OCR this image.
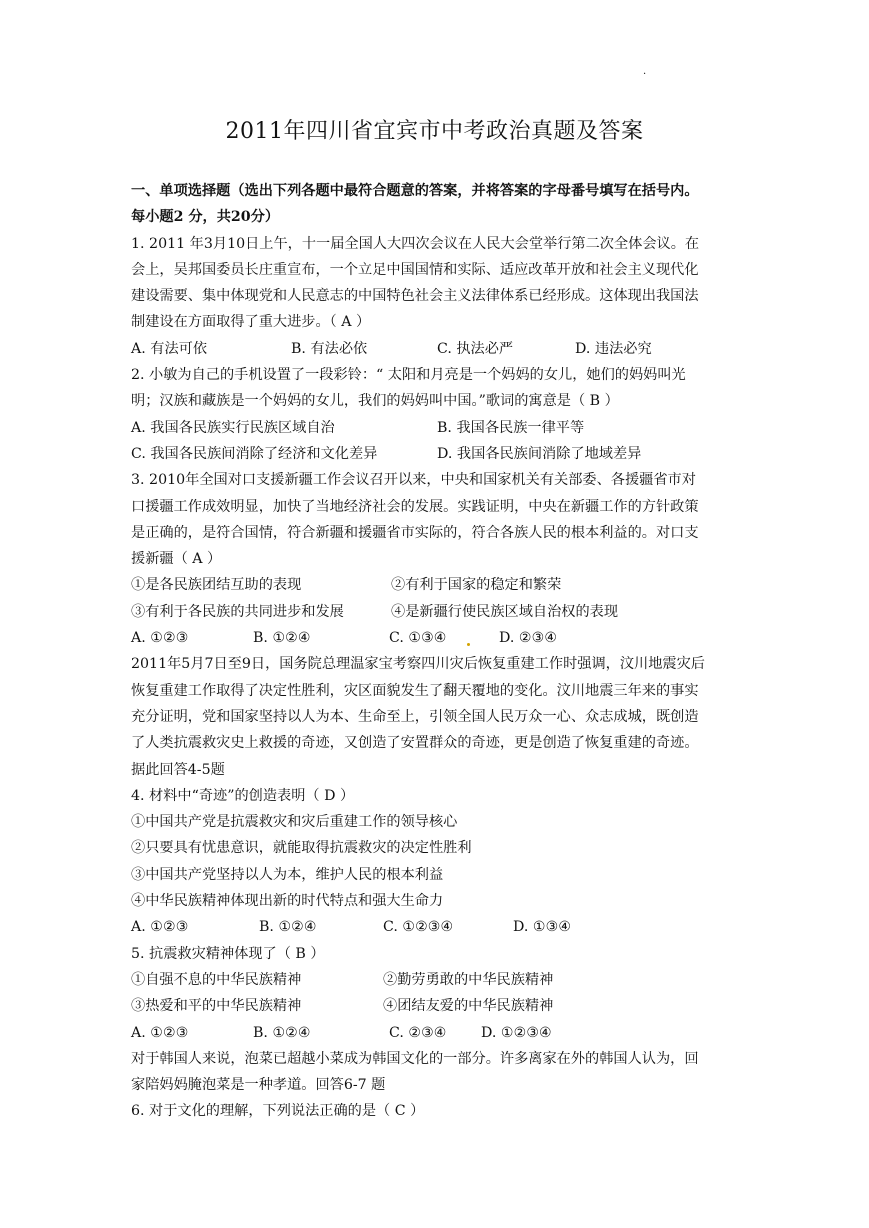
.
2011年四川省宜宾市中考政治真题及答案
一、单项选择题（选出下列各题中最符合题意的答案，并将答案的字母番号填写在括号内。
每小题2 分，共20分）
1. 2011 年3月10日上午，十一届全国人大四次会议在人民大会堂举行第二次全体会议。在
会上，吴邦国委员长庄重宣布，一个立足中国国情和实际、适应改革开放和社会主义现代化
建设需要、集中体现党和人民意志的中国特色社会主义法律体系已经形成。这体现出我国法
制建设在方面取得了重大进步。（ A ）
A. 有法可依	B. 有法必依	C. 执法必严	D. 违法必究
2. 小敏为自己的手机设置了一段彩铃：“ 太阳和月亮是一个妈妈的女儿，她们的妈妈叫光
明；汉族和藏族是一个妈妈的女儿，我们的妈妈叫中国。”歌词的寓意是（ B ）
A. 我国各民族实行民族区域自治	B. 我国各民族一律平等
C. 我国各民族间消除了经济和文化差异	D. 我国各民族间消除了地域差异
3. 2010年全国对口支援新疆工作会议召开以来，中央和国家机关有关部委、各援疆省市对
口援疆工作成效明显，加快了当地经济社会的发展。实践证明，中央在新疆工作的方针政策
是正确的，是符合国情，符合新疆和援疆省市实际的，符合各族人民的根本利益的。对口支
援新疆（ A ）
①是各民族团结互助的表现	②有利于国家的稳定和繁荣
③有利于各民族的共同进步和发展	④是新疆行使民族区域自治权的表现
A. ①②③	B. ①②④	C. ①③④	D. ②③④
2011年5月7日至9日，国务院总理温家宝考察四川灾后恢复重建工作时强调，汶川地震灾后
恢复重建工作取得了决定性胜利，灾区面貌发生了翻天覆地的变化。汶川地震三年来的事实
充分证明，党和国家坚持以人为本、生命至上，引领全国人民万众一心、众志成城，既创造
了人类抗震救灾史上救援的奇迹，又创造了安置群众的奇迹，更是创造了恢复重建的奇迹。
据此回答4-5题
4. 材料中“奇迹”的创造表明（ D ）
①中国共产党是抗震救灾和灾后重建工作的领导核心
②只要具有忧患意识，就能取得抗震救灾的决定性胜利
③中国共产党坚持以人为本，维护人民的根本利益
④中华民族精神体现出新的时代特点和强大生命力
A. ①②③	B. ①②④	C. ①②③④	D. ①③④
5. 抗震救灾精神体现了（ B ）
①自强不息的中华民族精神	②勤劳勇敢的中华民族精神
③热爱和平的中华民族精神	④团结友爱的中华民族精神
A. ①②③	B. ①②④	C. ②③④ D. ①②③④
对于韩国人来说，泡菜已超越小菜成为韩国文化的一部分。许多离家在外的韩国人认为，回
家陪妈妈腌泡菜是一种孝道。回答6-7 题
6. 对于文化的理解，下列说法正确的是（ C ）
